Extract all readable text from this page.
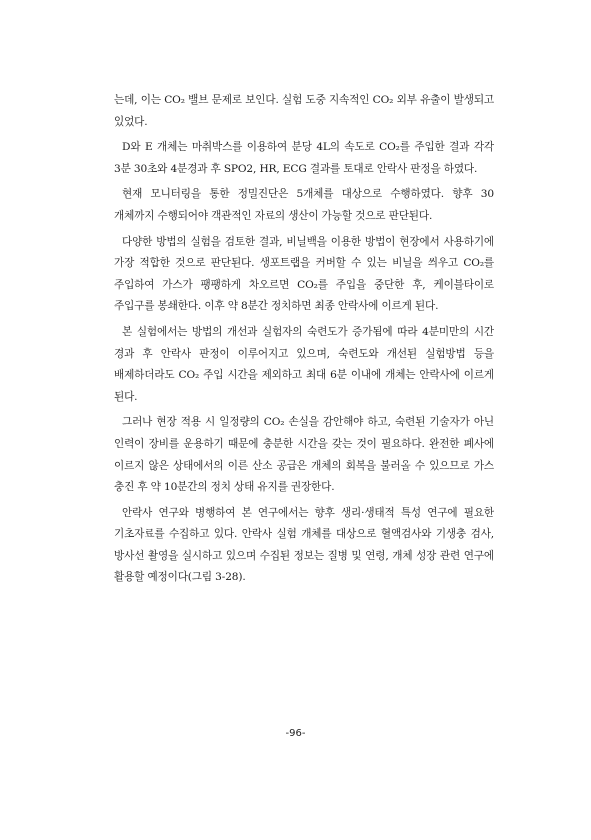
는데, 이는 CO₂ 밸브 문제로 보인다. 실험 도중 지속적인 CO₂ 외부 유출이 발생되고 있었다.

D와 E 개체는 마취박스를 이용하여 분당 4L의 속도로 CO₂를 주입한 결과 각각 3분 30초와 4분경과 후 SPO2, HR, ECG 결과를 토대로 안락사 판정을 하였다.

현재 모니터링을 통한 정밀진단은 5개체를 대상으로 수행하였다. 향후 30 개체까지 수행되어야 객관적인 자료의 생산이 가능할 것으로 판단된다.

다양한 방법의 실험을 검토한 결과, 비닐백을 이용한 방법이 현장에서 사용하기에 가장 적합한 것으로 판단된다. 생포트랩을 커버할 수 있는 비닐을 씌우고 CO₂를 주입하여 가스가 팽팽하게 차오르면 CO₂를 주입을 중단한 후, 케이블타이로 주입구를 봉쇄한다. 이후 약 8분간 정치하면 최종 안락사에 이르게 된다.

본 실험에서는 방법의 개선과 실험자의 숙련도가 증가됨에 따라 4분미만의 시간 경과 후 안락사 판정이 이루어지고 있으며, 숙련도와 개선된 실험방법 등을 배제하더라도 CO₂ 주입 시간을 제외하고 최대 6분 이내에 개체는 안락사에 이르게 된다.

그러나 현장 적용 시 일정량의 CO₂ 손실을 감안해야 하고, 숙련된 기술자가 아닌 인력이 장비를 운용하기 때문에 충분한 시간을 갖는 것이 필요하다. 완전한 폐사에 이르지 않은 상태에서의 이른 산소 공급은 개체의 회복을 불러올 수 있으므로 가스 충진 후 약 10분간의 정치 상태 유지를 권장한다.

안락사 연구와 병행하여 본 연구에서는 향후 생리·생태적 특성 연구에 필요한 기초자료를 수집하고 있다. 안락사 실험 개체를 대상으로 혈액검사와 기생충 검사, 방사선 촬영을 실시하고 있으며 수집된 정보는 질병 및 연령, 개체 성장 관련 연구에 활용할 예정이다(그림 3-28).

-96-
